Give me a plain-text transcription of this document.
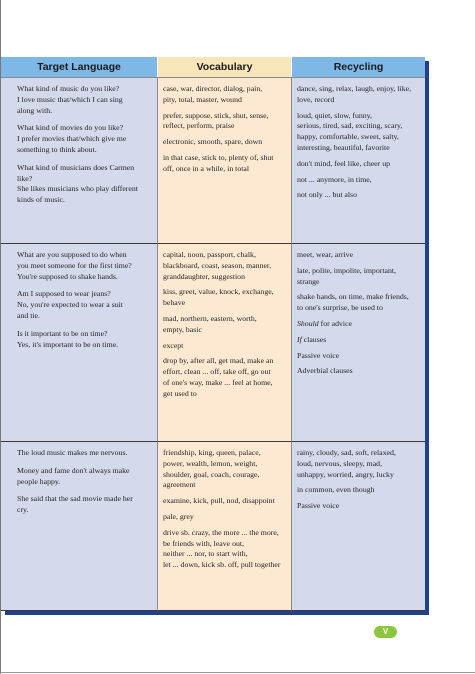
Target Language	Vocabulary	Recycling
What kind of music do you like?
I love music that/which I can sing
along with.
What kind of movies do you like?
I prefer movies that/which give me
something to think about.
What kind of musicians does Carmen
like?
She likes musicians who play different
kinds of music.
case, war, director, dialog, pain,
pity, total, master, wound
prefer, suppose, stick, shut, sense,
reflect, perform, praise
electronic, smooth, spare, down
in that case, stick to, plenty of, shut
off, once in a while, in total
dance, sing, relax, laugh, enjoy, like,
love, record
loud, quiet, slow, funny,
serious, tired, sad, exciting, scary,
happy, comfortable, sweet, salty,
interesting, beautiful, favorite
don't mind, feel like, cheer up
not ... anymore, in time,
not only ... but also
What are you supposed to do when
you meet someone for the first time?
You're supposed to shake hands.
Am I supposed to wear jeans?
No, you're expected to wear a suit
and tie.
Is it important to be on time?
Yes, it's important to be on time.
capital, noon, passport, chalk,
blackboard, coast, season, manner,
granddaughter, suggestion
kiss, greet, value, knock, exchange,
behave
mad, northern, eastern, worth,
empty, basic
except
drop by, after all, get mad, make an
effort, clean ... off, take off, go out
of one's way, make ... feel at home,
get used to
meet, wear, arrive
late, polite, impolite, important,
strange
shake hands, on time, make friends,
to one's surprise, be used to
Should for advice
If clauses
Passive voice
Adverbial clauses
The loud music makes me nervous.
Money and fame don't always make
people happy.
She said that the sad movie made her
cry.
friendship, king, queen, palace,
power, wealth, lemon, weight,
shoulder, goal, coach, courage,
agreement
examine, kick, pull, nod, disappoint
pale, grey
drive sb. crazy, the more ... the more,
be friends with, leave out,
neither ... nor, to start with,
let ... down, kick sb. off, pull together
rainy, cloudy, sad, soft, relaxed,
loud, nervous, sleepy, mad,
unhappy, worried, angry, lucky
in common, even though
Passive voice
V
